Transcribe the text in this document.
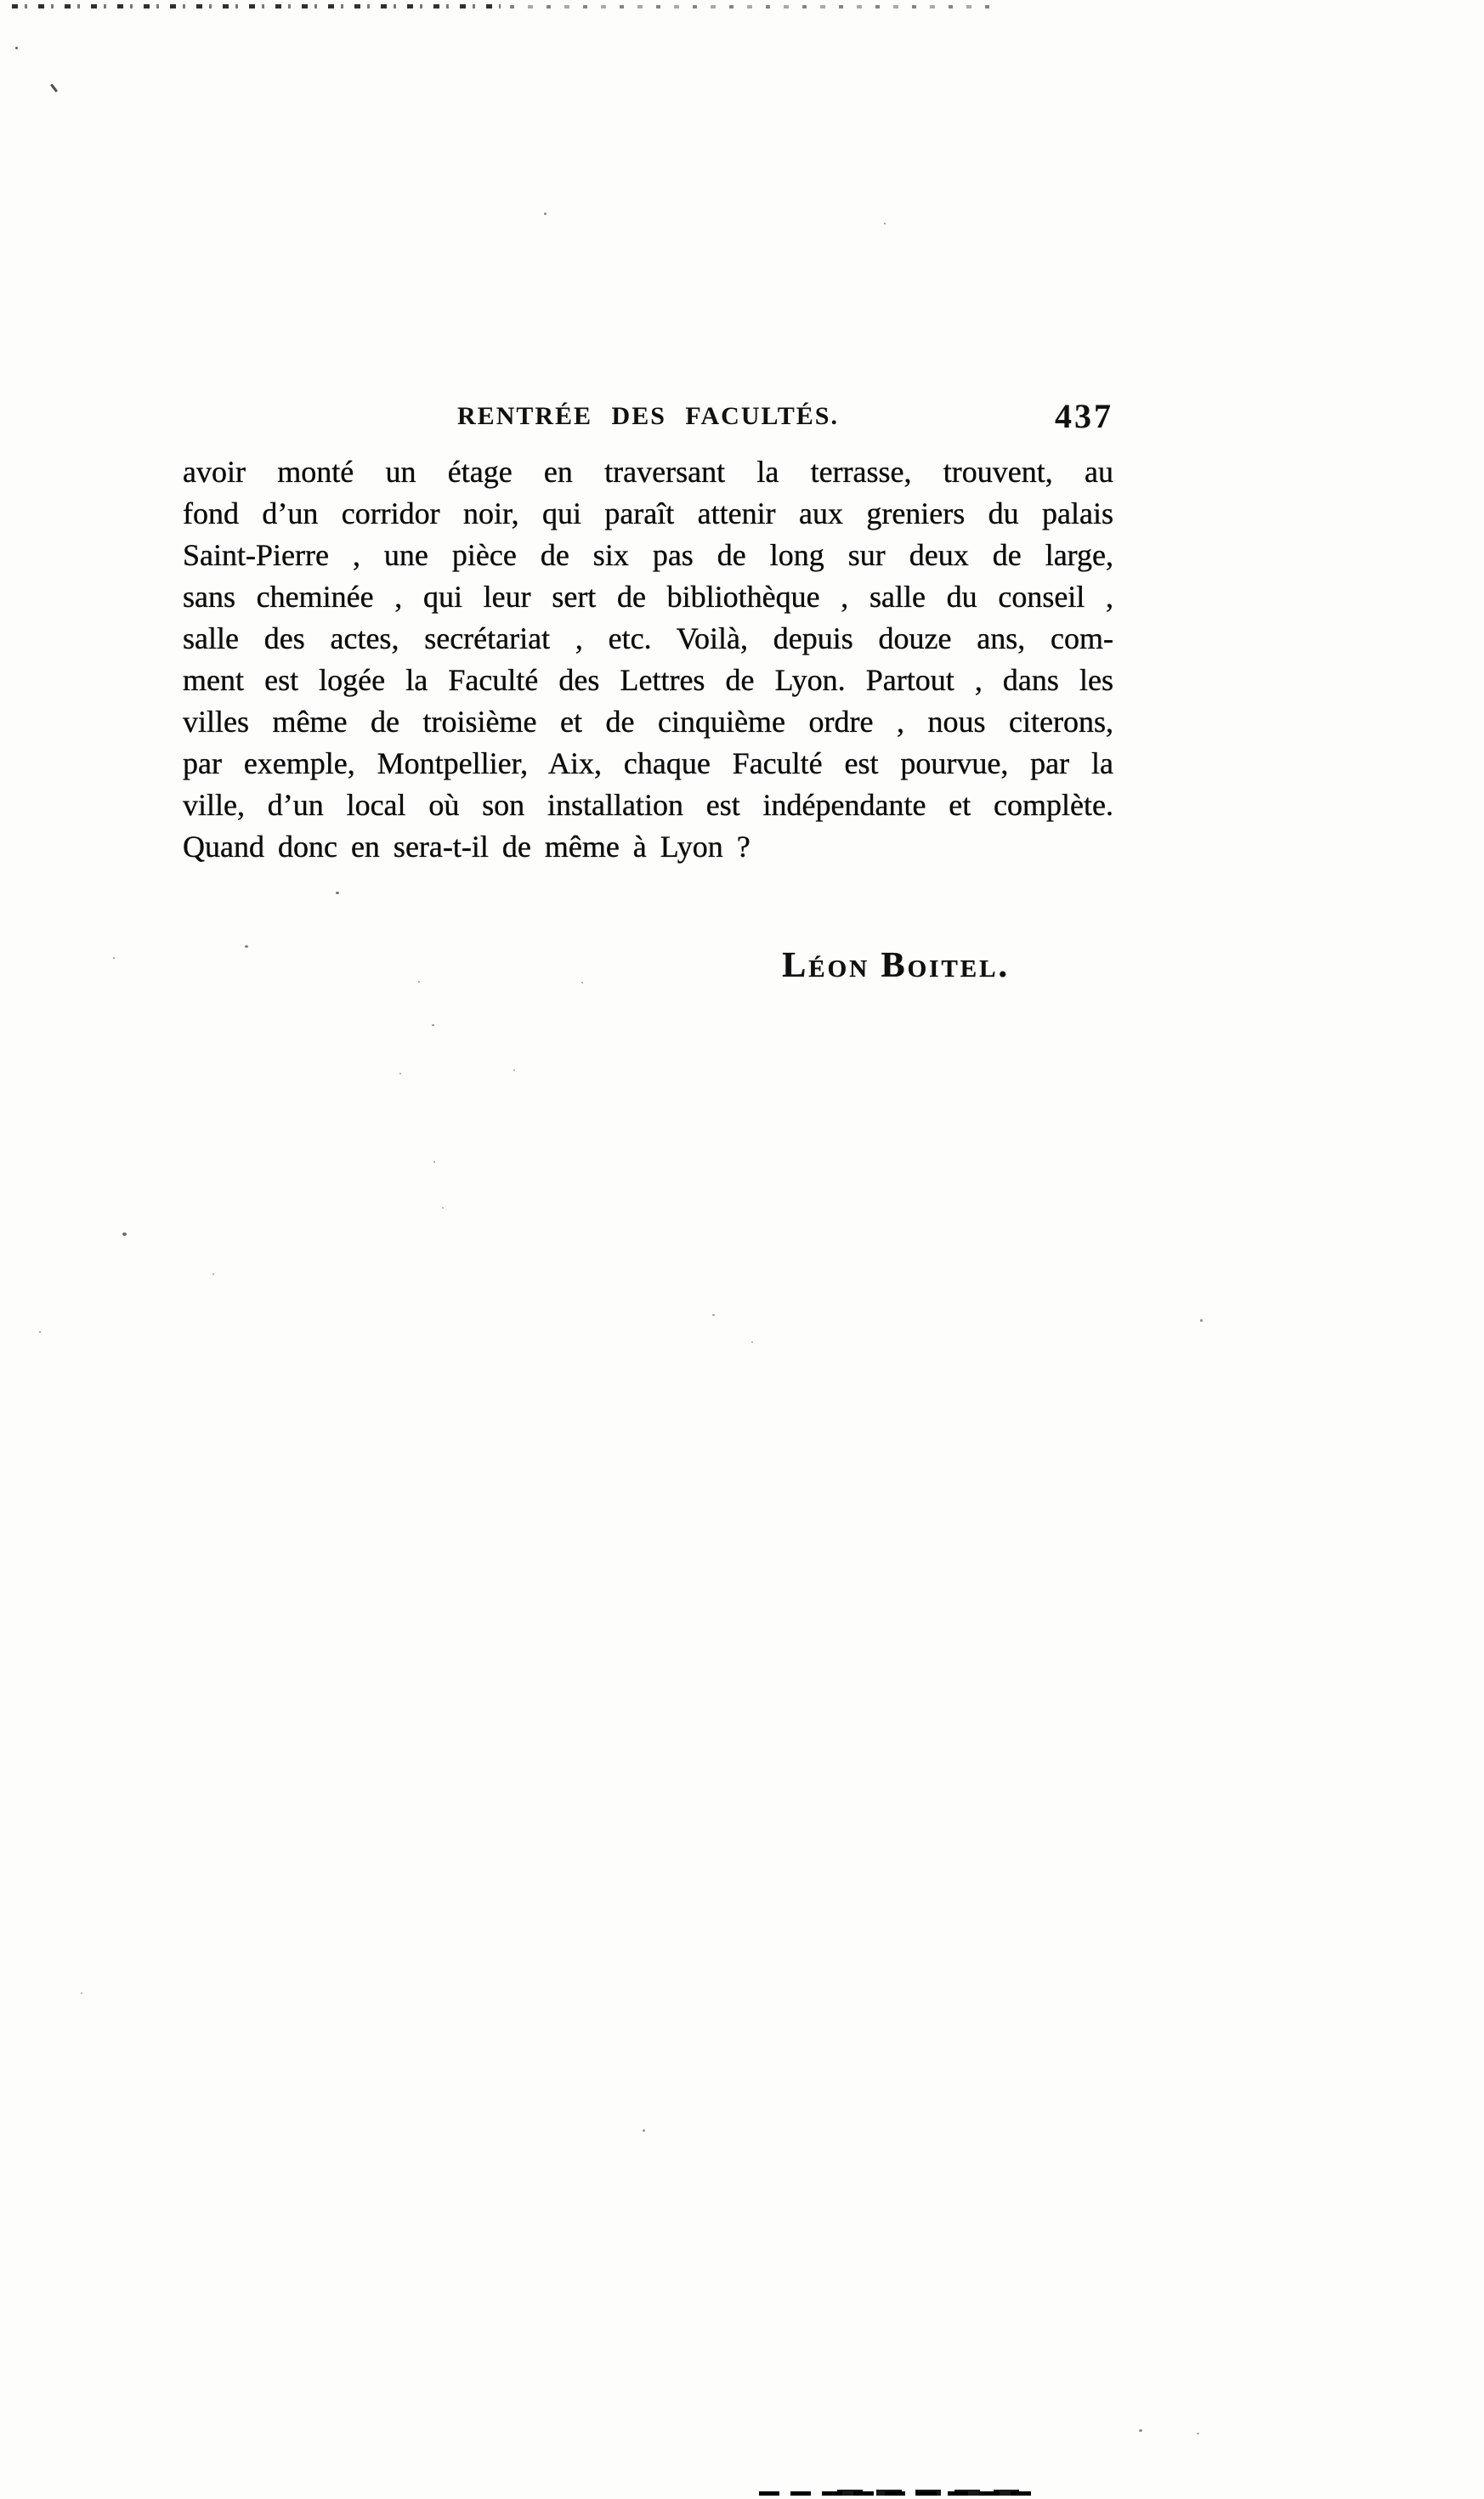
RENTRÉE DES FACULTÉS.	437
avoir monté un étage en traversant la terrasse, trouvent, au
fond d’un corridor noir, qui paraît attenir aux greniers du palais
Saint-Pierre , une pièce de six pas de long sur deux de large,
sans cheminée , qui leur sert de bibliothèque , salle du conseil ,
salle des actes, secrétariat , etc. Voilà, depuis douze ans, com-
ment est logée la Faculté des Lettres de Lyon. Partout , dans les
villes même de troisième et de cinquième ordre , nous citerons,
par exemple, Montpellier, Aix, chaque Faculté est pourvue, par la
ville, d’un local où son installation est indépendante et complète.
Quand donc en sera-t-il de même à Lyon ?
Léon Boitel.
